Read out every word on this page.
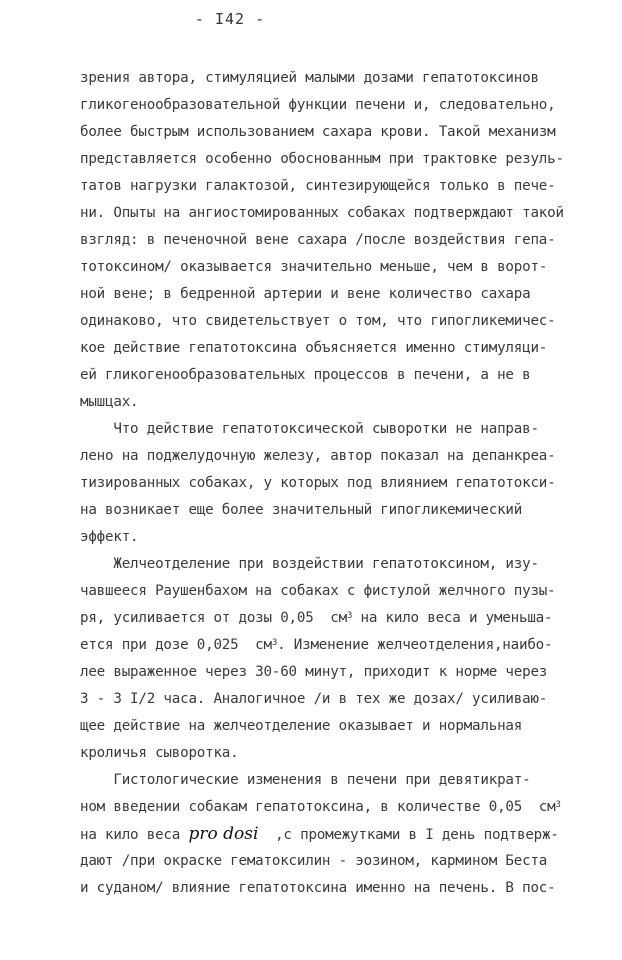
- I42 -
зрения автора, стимуляцией малыми дозами гепатотоксинов
гликогенообразовательной функции печени и, следовательно,
более быстрым использованием сахара крови. Такой механизм
представляется особенно обоснованным при трактовке резуль-
татов нагрузки галактозой, синтезирующейся только в пече-
ни. Опыты на ангиостомированных собаках подтверждают такой
взгляд: в печеночной вене сахара /после воздействия гепа-
тотоксином/ оказывается значительно меньше, чем в ворот-
ной вене; в бедренной артерии и вене количество сахара
одинаково, что свидетельствует о том, что гипогликемичес-
кое действие гепатотоксина объясняется именно стимуляци-
ей гликогенообразовательных процессов в печени, а не в
мышцах.
Что действие гепатотоксической сыворотки не направ-
лено на поджелудочную железу, автор показал на депанкреа-
тизированных собаках, у которых под влиянием гепатотокси-
на возникает еще более значительный гипогликемический
эффект.
Желчеотделение при воздействии гепатотоксином, изу-
чавшееся Раушенбахом на собаках с фистулой желчного пузы-
ря, усиливается от дозы 0,05  $см^3$ на кило веса и уменьша-
ется при дозе 0,025  $см^3$. Изменение желчеотделения,наибо-
лее выраженное через 30-60 минут, приходит к норме через
3 - 3 I/2 часа. Аналогичное /и в тех же дозах/ усиливаю-
щее действие на желчеотделение оказывает и нормальная
кроличья сыворотка.
Гистологические изменения в печени при девятикрат-
ном введении собакам гепатотоксина, в количестве 0,05  $см^3$
на кило веса pro dosi  ,с промежутками в I день подтверж-
дают /при окраске гематоксилин - эозином, кармином Беста
и суданом/ влияние гепатотоксина именно на печень. В пос-
